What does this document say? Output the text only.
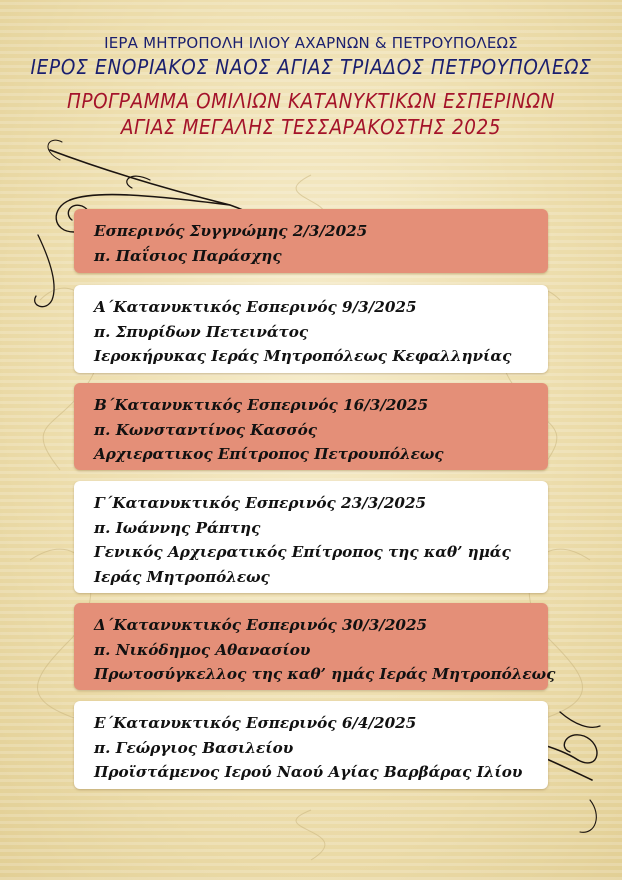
ΙΕΡΑ ΜΗΤΡΟΠΟΛΗ ΙΛΙΟΥ ΑΧΑΡΝΩΝ & ΠΕΤΡΟΥΠΟΛΕΩΣ
ΙΕΡΟΣ ΕΝΟΡΙΑΚΟΣ ΝΑΟΣ ΑΓΙΑΣ ΤΡΙΑΔΟΣ ΠΕΤΡΟΥΠΟΛΕΩΣ
ΠΡΟΓΡΑΜΜΑ ΟΜΙΛΙΩΝ ΚΑΤΑΝΥΚΤΙΚΩΝ ΕΣΠΕΡΙΝΩΝ
ΑΓΙΑΣ ΜΕΓΑΛΗΣ ΤΕΣΣΑΡΑΚΟΣΤΗΣ 2025
Εσπερινός Συγγνώμης 2/3/2025
π. Παΐσιος Παράσχης
Α΄Κατανυκτικός Εσπερινός 9/3/2025
π. Σπυρίδων Πετεινάτος
Ιεροκήρυκας Ιεράς Μητροπόλεως Κεφαλληνίας
Β΄Κατανυκτικός Εσπερινός 16/3/2025
π. Κωνσταντίνος Κασσός
Αρχιερατικος Επίτροπος Πετρουπόλεως
Γ΄Κατανυκτικός Εσπερινός 23/3/2025
π. Ιωάννης Ράπτης
Γενικός Αρχιερατικός Επίτροπος της καθ’ ημάς
Ιεράς Μητροπόλεως
Δ΄Κατανυκτικός Εσπερινός 30/3/2025
π. Νικόδημος Αθανασίου
Πρωτοσύγκελλος της καθ’ ημάς Ιεράς Μητροπόλεως
Ε΄Κατανυκτικός Εσπερινός 6/4/2025
π. Γεώργιος Βασιλείου
Προϊστάμενος Ιερού Ναού Αγίας Βαρβάρας Ιλίου
